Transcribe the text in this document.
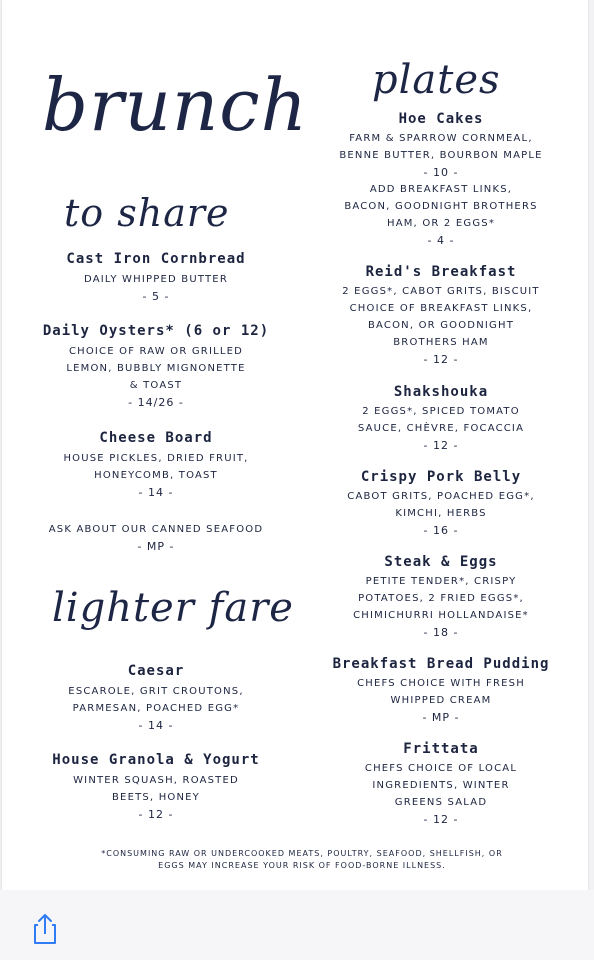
brunch
to share
lighter fare
plates
Cast Iron Cornbread
DAILY WHIPPED BUTTER
- 5 -
Daily Oysters* (6 or 12)
CHOICE OF RAW OR GRILLED
LEMON, BUBBLY MIGNONETTE
& TOAST
- 14/26 -
Cheese Board
HOUSE PICKLES, DRIED FRUIT,
HONEYCOMB, TOAST
- 14 -
ASK ABOUT OUR CANNED SEAFOOD
- MP -
Caesar
ESCAROLE, GRIT CROUTONS,
PARMESAN, POACHED EGG*
- 14 -
House Granola & Yogurt
WINTER SQUASH, ROASTED
BEETS, HONEY
- 12 -
Hoe Cakes
FARM & SPARROW CORNMEAL,
BENNE BUTTER, BOURBON MAPLE
- 10 -
ADD BREAKFAST LINKS,
BACON, GOODNIGHT BROTHERS
HAM, OR 2 EGGS*
- 4 -
Reid's Breakfast
2 EGGS*, CABOT GRITS, BISCUIT
CHOICE OF BREAKFAST LINKS,
BACON, OR GOODNIGHT
BROTHERS HAM
- 12 -
Shakshouka
2 EGGS*, SPICED TOMATO
SAUCE, CHÈVRE, FOCACCIA
- 12 -
Crispy Pork Belly
CABOT GRITS, POACHED EGG*,
KIMCHI, HERBS
- 16 -
Steak & Eggs
PETITE TENDER*, CRISPY
POTATOES, 2 FRIED EGGS*,
CHIMICHURRI HOLLANDAISE*
- 18 -
Breakfast Bread Pudding
CHEFS CHOICE WITH FRESH
WHIPPED CREAM
- MP -
Frittata
CHEFS CHOICE OF LOCAL
INGREDIENTS, WINTER
GREENS SALAD
- 12 -
*CONSUMING RAW OR UNDERCOOKED MEATS, POULTRY, SEAFOOD, SHELLFISH, OR
EGGS MAY INCREASE YOUR RISK OF FOOD-BORNE ILLNESS.
